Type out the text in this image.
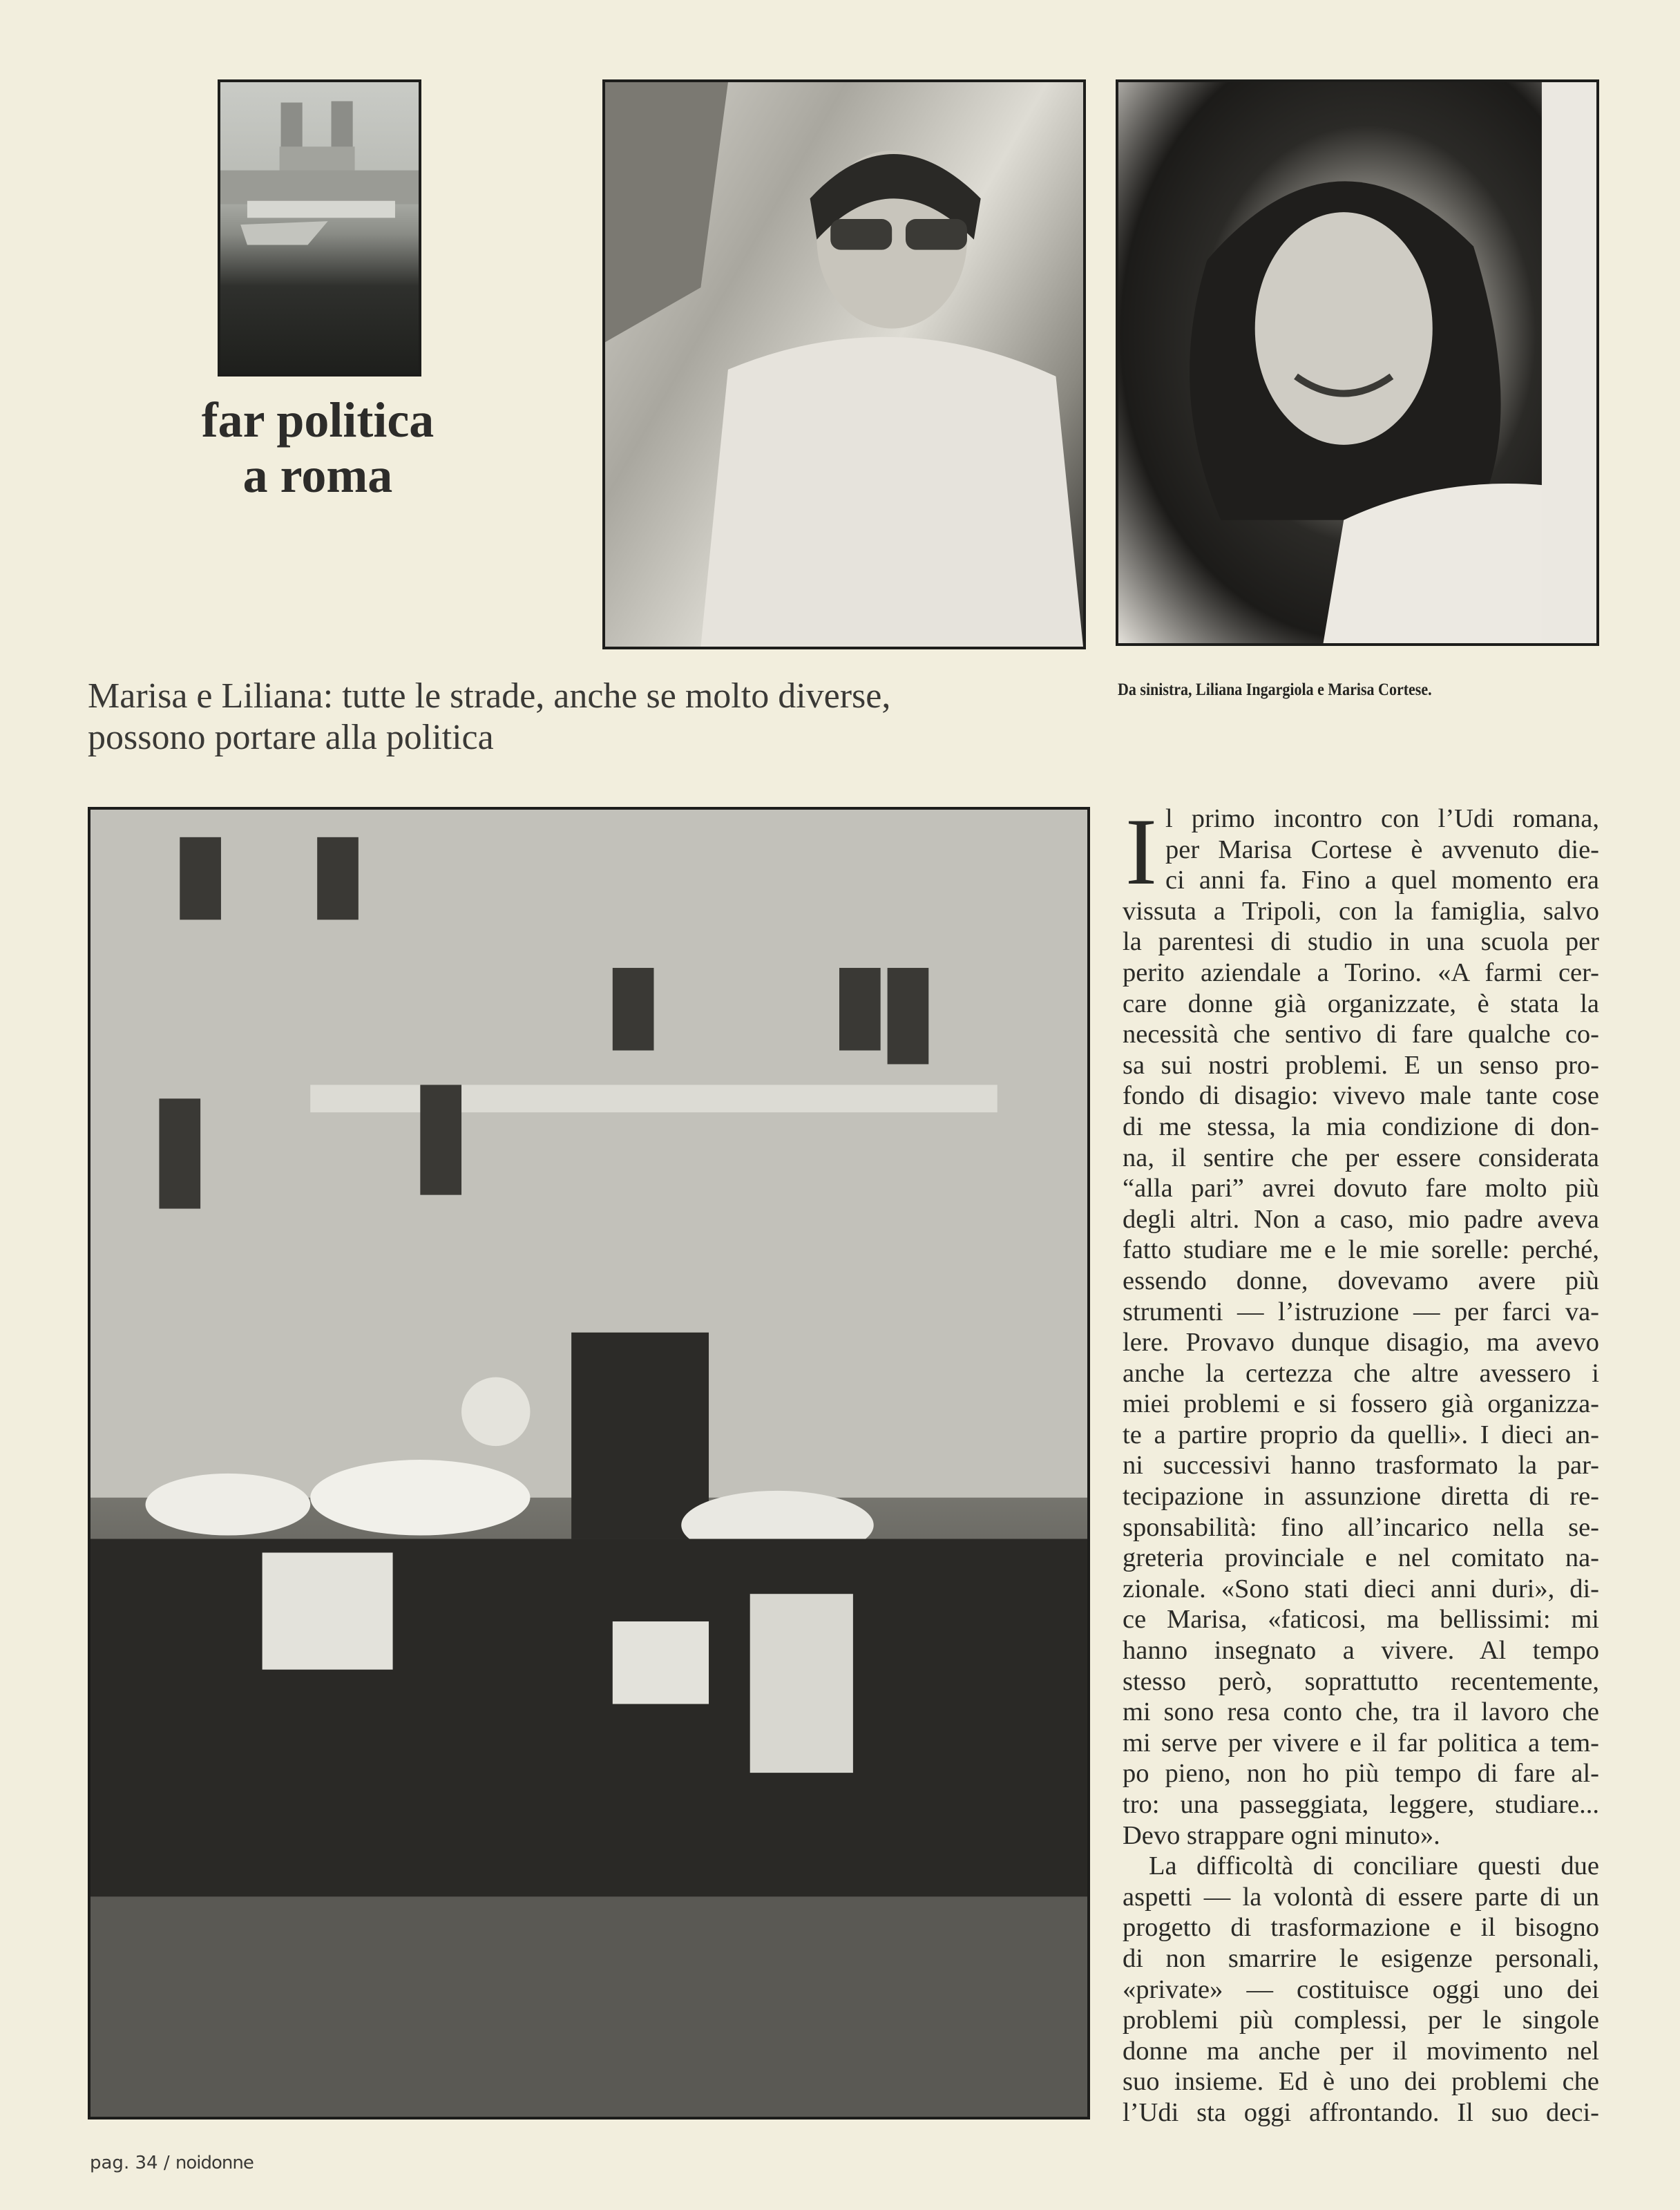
far politica
a roma
Marisa e Liliana: tutte le strade, anche se molto diverse,
possono portare alla politica
Da sinistra, Liliana Ingargiola e Marisa Cortese.
I l primo incontro con l’Udi romana,
per Marisa Cortese è avvenuto die-
ci anni fa. Fino a quel momento era
vissuta a Tripoli, con la famiglia, salvo
la parentesi di studio in una scuola per
perito aziendale a Torino. «A farmi cer-
care donne già organizzate, è stata la
necessità che sentivo di fare qualche co-
sa sui nostri problemi. E un senso pro-
fondo di disagio: vivevo male tante cose
di me stessa, la mia condizione di don-
na, il sentire che per essere considerata
“alla pari” avrei dovuto fare molto più
degli altri. Non a caso, mio padre aveva
fatto studiare me e le mie sorelle: perché,
essendo donne, dovevamo avere più
strumenti — l’istruzione — per farci va-
lere. Provavo dunque disagio, ma avevo
anche la certezza che altre avessero i
miei problemi e si fossero già organizza-
te a partire proprio da quelli». I dieci an-
ni successivi hanno trasformato la par-
tecipazione in assunzione diretta di re-
sponsabilità: fino all’incarico nella se-
greteria provinciale e nel comitato na-
zionale. «Sono stati dieci anni duri», di-
ce Marisa, «faticosi, ma bellissimi: mi
hanno insegnato a vivere. Al tempo
stesso però, soprattutto recentemente,
mi sono resa conto che, tra il lavoro che
mi serve per vivere e il far politica a tem-
po pieno, non ho più tempo di fare al-
tro: una passeggiata, leggere, studiare...
Devo strappare ogni minuto».
La difficoltà di conciliare questi due
aspetti — la volontà di essere parte di un
progetto di trasformazione e il bisogno
di non smarrire le esigenze personali,
«private» — costituisce oggi uno dei
problemi più complessi, per le singole
donne ma anche per il movimento nel
suo insieme. Ed è uno dei problemi che
l’Udi sta oggi affrontando. Il suo deci-
pag. 34 / noidonne
